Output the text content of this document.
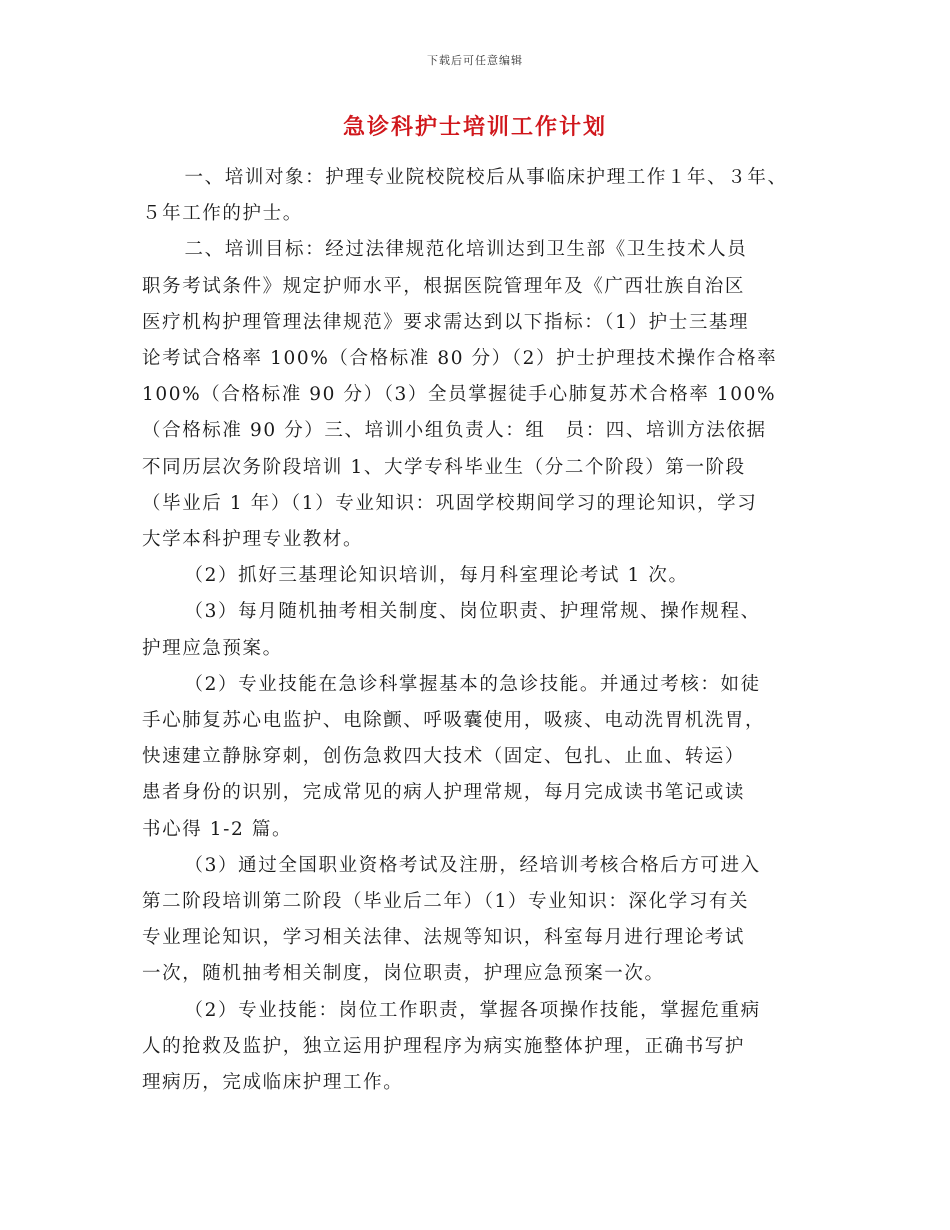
下载后可任意编辑
急诊科护士培训工作计划

一、培训对象：护理专业院校院校后从事临床护理工作１年、３年、
５年工作的护士。

二、培训目标：经过法律规范化培训达到卫生部《卫生技术人员
职务考试条件》规定护师水平，根据医院管理年及《广西壮族自治区
医疗机构护理管理法律规范》要求需达到以下指标：（1）护士三基理
论考试合格率 100%（合格标准 80 分）（2）护士护理技术操作合格率
100%（合格标准 90 分）（3）全员掌握徒手心肺复苏术合格率 100%
（合格标准 90 分）三、培训小组负责人：组　员：四、培训方法依据
不同历层次务阶段培训 1、大学专科毕业生（分二个阶段）第一阶段
（毕业后 1 年）（1）专业知识：巩固学校期间学习的理论知识，学习
大学本科护理专业教材。

（2）抓好三基理论知识培训，每月科室理论考试 1 次。

（3）每月随机抽考相关制度、岗位职责、护理常规、操作规程、
护理应急预案。

（2）专业技能在急诊科掌握基本的急诊技能。并通过考核：如徒
手心肺复苏心电监护、电除颤、呼吸囊使用，吸痰、电动洗胃机洗胃，
快速建立静脉穿刺，创伤急救四大技术（固定、包扎、止血、转运）
患者身份的识别，完成常见的病人护理常规，每月完成读书笔记或读
书心得 1-2 篇。

（3）通过全国职业资格考试及注册，经培训考核合格后方可进入
第二阶段培训第二阶段（毕业后二年）（1）专业知识：深化学习有关
专业理论知识，学习相关法律、法规等知识，科室每月进行理论考试
一次，随机抽考相关制度，岗位职责，护理应急预案一次。

（2）专业技能：岗位工作职责，掌握各项操作技能，掌握危重病
人的抢救及监护，独立运用护理程序为病实施整体护理，正确书写护
理病历，完成临床护理工作。
